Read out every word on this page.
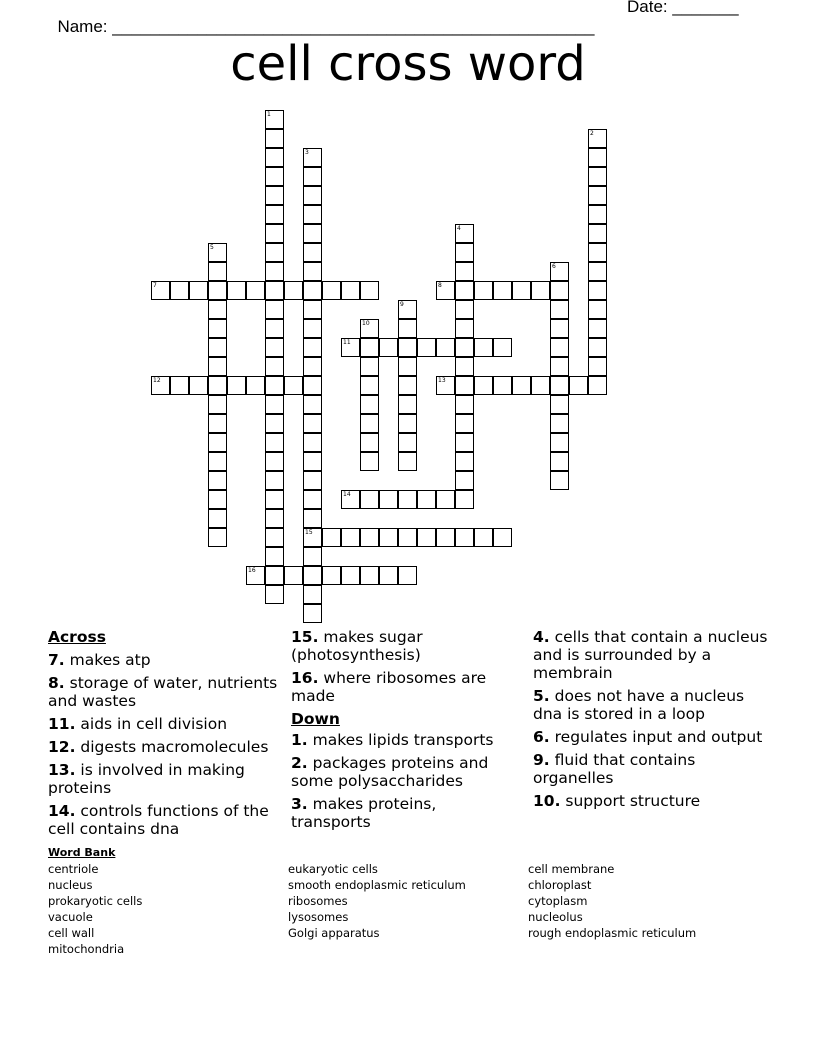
Name: ___________________________________________________

Date: _______

cell cross word
1
2
3
4
5
6
7	8
9
10
11
12	13
14
15
16
Across
7. makes atp
8. storage of water, nutrients and wastes
11. aids in cell division
12. digests macromolecules
13. is involved in making proteins
14. controls functions of the cell contains dna
15. makes sugar (photosynthesis)
16. where ribosomes are made
Down
1. makes lipids transports
2. packages proteins and some polysaccharides
3. makes proteins, transports
4. cells that contain a nucleus and is surrounded by a membrain
5. does not have a nucleus dna is stored in a loop
6. regulates input and output
9. fluid that contains organelles
10. support structure
Word Bank
centriole
nucleus
prokaryotic cells
vacuole
cell wall
mitochondria
eukaryotic cells
smooth endoplasmic reticulum
ribosomes
lysosomes
Golgi apparatus
cell membrane
chloroplast
cytoplasm
nucleolus
rough endoplasmic reticulum
